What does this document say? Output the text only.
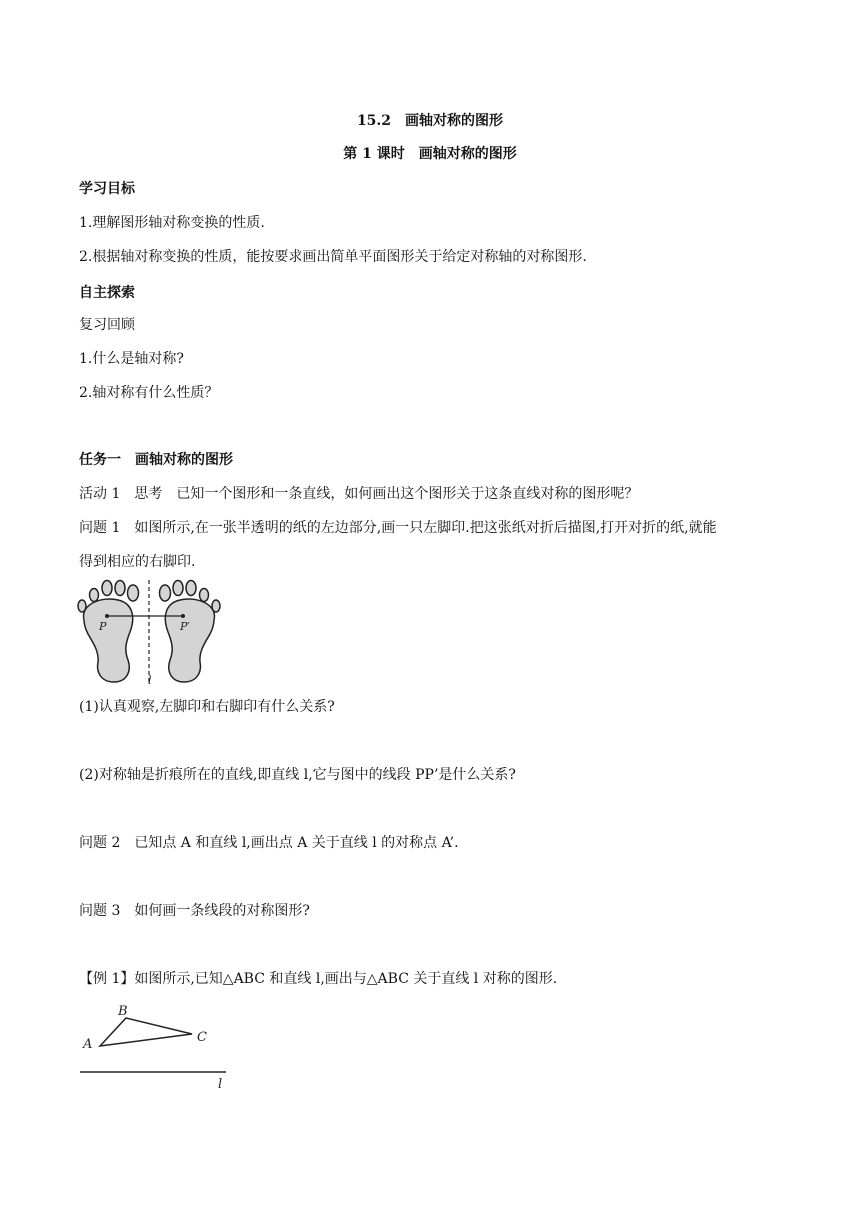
15.2　画轴对称的图形
第 1 课时　画轴对称的图形
学习目标
1.理解图形轴对称变换的性质.
2.根据轴对称变换的性质，能按要求画出简单平面图形关于给定对称轴的对称图形.
自主探索
复习回顾
1.什么是轴对称?
2.轴对称有什么性质？
任务一　画轴对称的图形
活动 1　思考　已知一个图形和一条直线，如何画出这个图形关于这条直线对称的图形呢？
问题 1　如图所示,在一张半透明的纸的左边部分,画一只左脚印.把这张纸对折后描图,打开对折的纸,就能
得到相应的右脚印.
P	P′
l
(1)认真观察,左脚印和右脚印有什么关系?
(2)对称轴是折痕所在的直线,即直线 l,它与图中的线段 PP’是什么关系?
问题 2　已知点 A 和直线 l,画出点 A 关于直线 l 的对称点 A’.
问题 3　如何画一条线段的对称图形?
【例 1】如图所示,已知△ABC 和直线 l,画出与△ABC 关于直线 l 对称的图形.
A
B
C
l
